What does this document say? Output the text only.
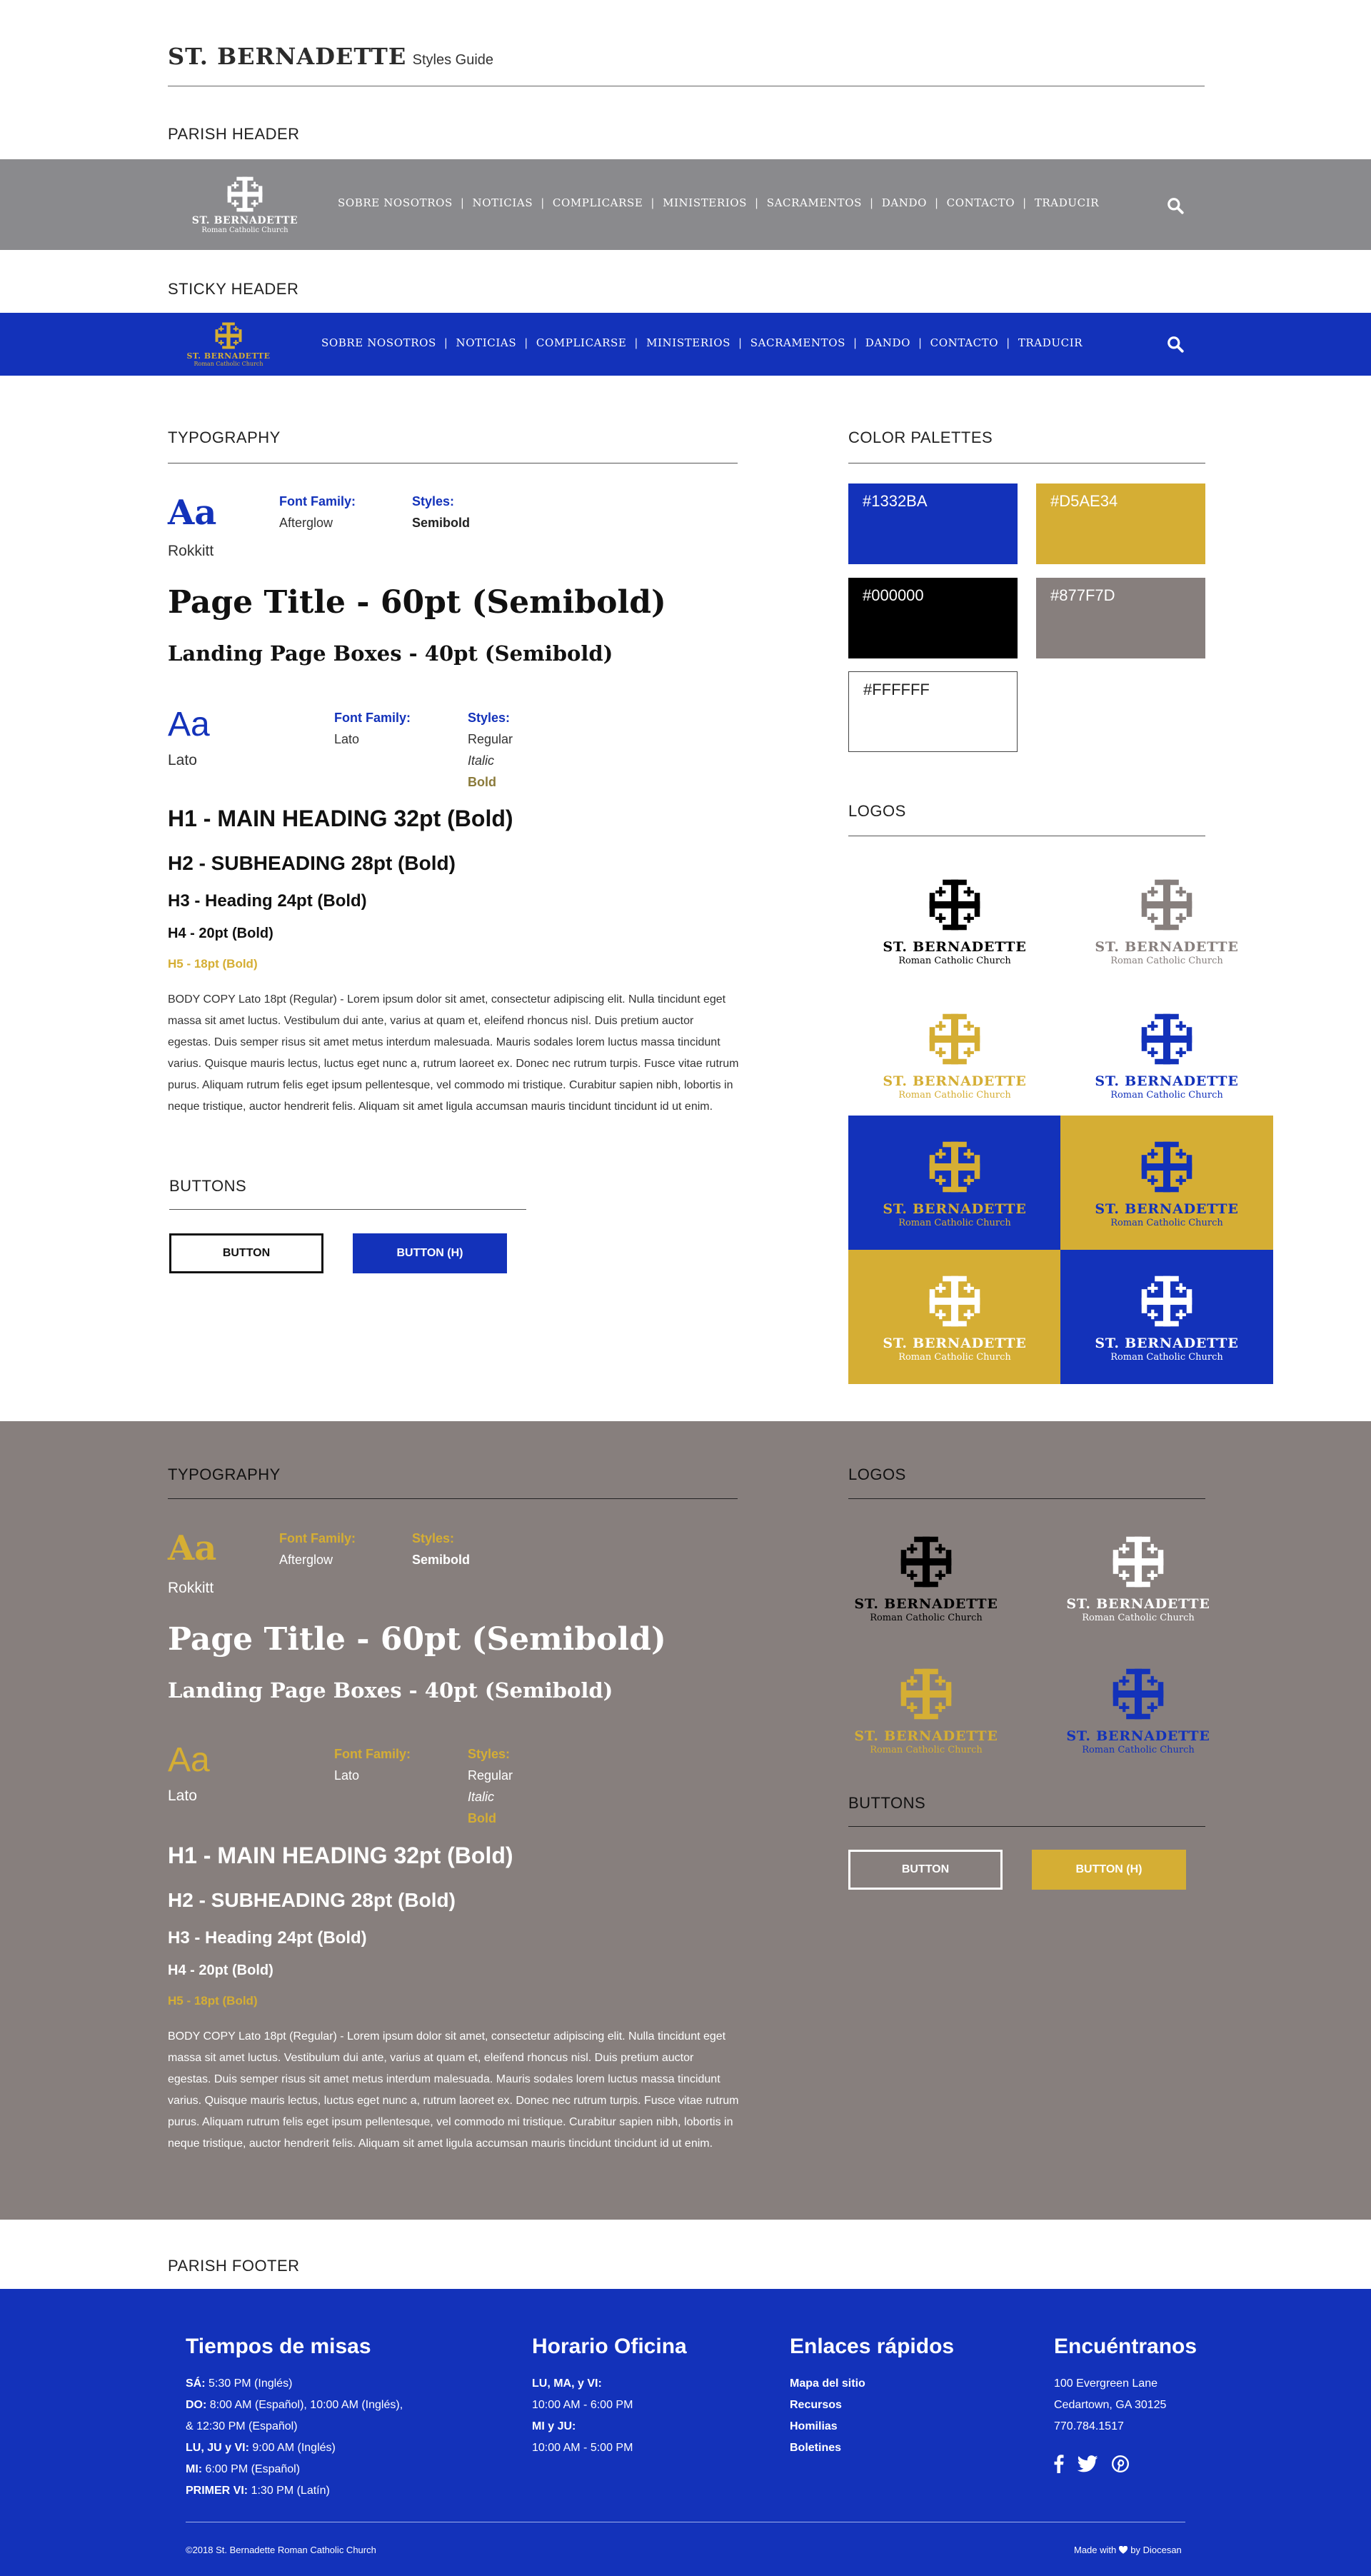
ST. BERNADETTE Styles Guide
PARISH HEADER
ST. BERNADETTE
Roman Catholic Church
SOBRE NOSOTROS | NOTICIAS | COMPLICARSE | MINISTERIOS | SACRAMENTOS | DANDO | CONTACTO | TRADUCIR
STICKY HEADER
ST. BERNADETTE
Roman Catholic Church
SOBRE NOSOTROS | NOTICIAS | COMPLICARSE | MINISTERIOS | SACRAMENTOS | DANDO | CONTACTO | TRADUCIR
TYPOGRAPHY
Aa
Rokkitt
Font Family:
Afterglow
Styles:
Semibold
Page Title - 60pt (Semibold)
Landing Page Boxes - 40pt (Semibold)
Aa
Lato
Font Family:
Lato
Styles:
Regular
Italic
Bold
H1 - MAIN HEADING 32pt (Bold)
H2 - SUBHEADING 28pt (Bold)
H3 - Heading 24pt (Bold)
H4 - 20pt (Bold)
H5 - 18pt (Bold)
BODY COPY Lato 18pt (Regular) - Lorem ipsum dolor sit amet, consectetur adipiscing elit. Nulla tincidunt eget massa sit amet luctus. Vestibulum dui ante, varius at quam et, eleifend rhoncus nisl. Duis pretium auctor egestas. Duis semper risus sit amet metus interdum malesuada. Mauris sodales lorem luctus massa tincidunt varius. Quisque mauris lectus, luctus eget nunc a, rutrum laoreet ex. Donec nec rutrum turpis. Fusce vitae rutrum purus. Aliquam rutrum felis eget ipsum pellentesque, vel commodo mi tristique. Curabitur sapien nibh, lobortis in neque tristique, auctor hendrerit felis. Aliquam sit amet ligula accumsan mauris tincidunt tincidunt id ut enim.
BUTTONS
BUTTON	BUTTON (H)
COLOR PALETTES
#1332BA	#D5AE34
#000000	#877F7D
#FFFFFF
LOGOS
ST. BERNADETTE
Roman Catholic Church
ST. BERNADETTE
Roman Catholic Church
ST. BERNADETTE
Roman Catholic Church
ST. BERNADETTE
Roman Catholic Church
ST. BERNADETTE
Roman Catholic Church
ST. BERNADETTE
Roman Catholic Church
ST. BERNADETTE
Roman Catholic Church
ST. BERNADETTE
Roman Catholic Church
TYPOGRAPHY
Aa
Rokkitt
Font Family:
Afterglow
Styles:
Semibold
Page Title - 60pt (Semibold)
Landing Page Boxes - 40pt (Semibold)
Aa
Lato
Font Family:
Lato
Styles:
Regular
Italic
Bold
H1 - MAIN HEADING 32pt (Bold)
H2 - SUBHEADING 28pt (Bold)
H3 - Heading 24pt (Bold)
H4 - 20pt (Bold)
H5 - 18pt (Bold)
BODY COPY Lato 18pt (Regular) - Lorem ipsum dolor sit amet, consectetur adipiscing elit. Nulla tincidunt eget massa sit amet luctus. Vestibulum dui ante, varius at quam et, eleifend rhoncus nisl. Duis pretium auctor egestas. Duis semper risus sit amet metus interdum malesuada. Mauris sodales lorem luctus massa tincidunt varius. Quisque mauris lectus, luctus eget nunc a, rutrum laoreet ex. Donec nec rutrum turpis. Fusce vitae rutrum purus. Aliquam rutrum felis eget ipsum pellentesque, vel commodo mi tristique. Curabitur sapien nibh, lobortis in neque tristique, auctor hendrerit felis. Aliquam sit amet ligula accumsan mauris tincidunt tincidunt id ut enim.
LOGOS
ST. BERNADETTE
Roman Catholic Church
ST. BERNADETTE
Roman Catholic Church
ST. BERNADETTE
Roman Catholic Church
ST. BERNADETTE
Roman Catholic Church
BUTTONS
BUTTON	BUTTON (H)
PARISH FOOTER
Tiempos de misas
SÁ: 5:30 PM (Inglés)
DO: 8:00 AM (Español), 10:00 AM (Inglés),
& 12:30 PM (Español)
LU, JU y VI: 9:00 AM (Inglés)
MI: 6:00 PM (Español)
PRIMER VI: 1:30 PM (Latín)
Horario Oficina
LU, MA, y VI:
10:00 AM - 6:00 PM
MI y JU:
10:00 AM - 5:00 PM
Enlaces rápidos
Mapa del sitio
Recursos
Homilias
Boletines
Encuéntranos
100 Evergreen Lane
Cedartown, GA 30125
770.784.1517
©2018 St. Bernadette Roman Catholic Church	Made with by Diocesan
